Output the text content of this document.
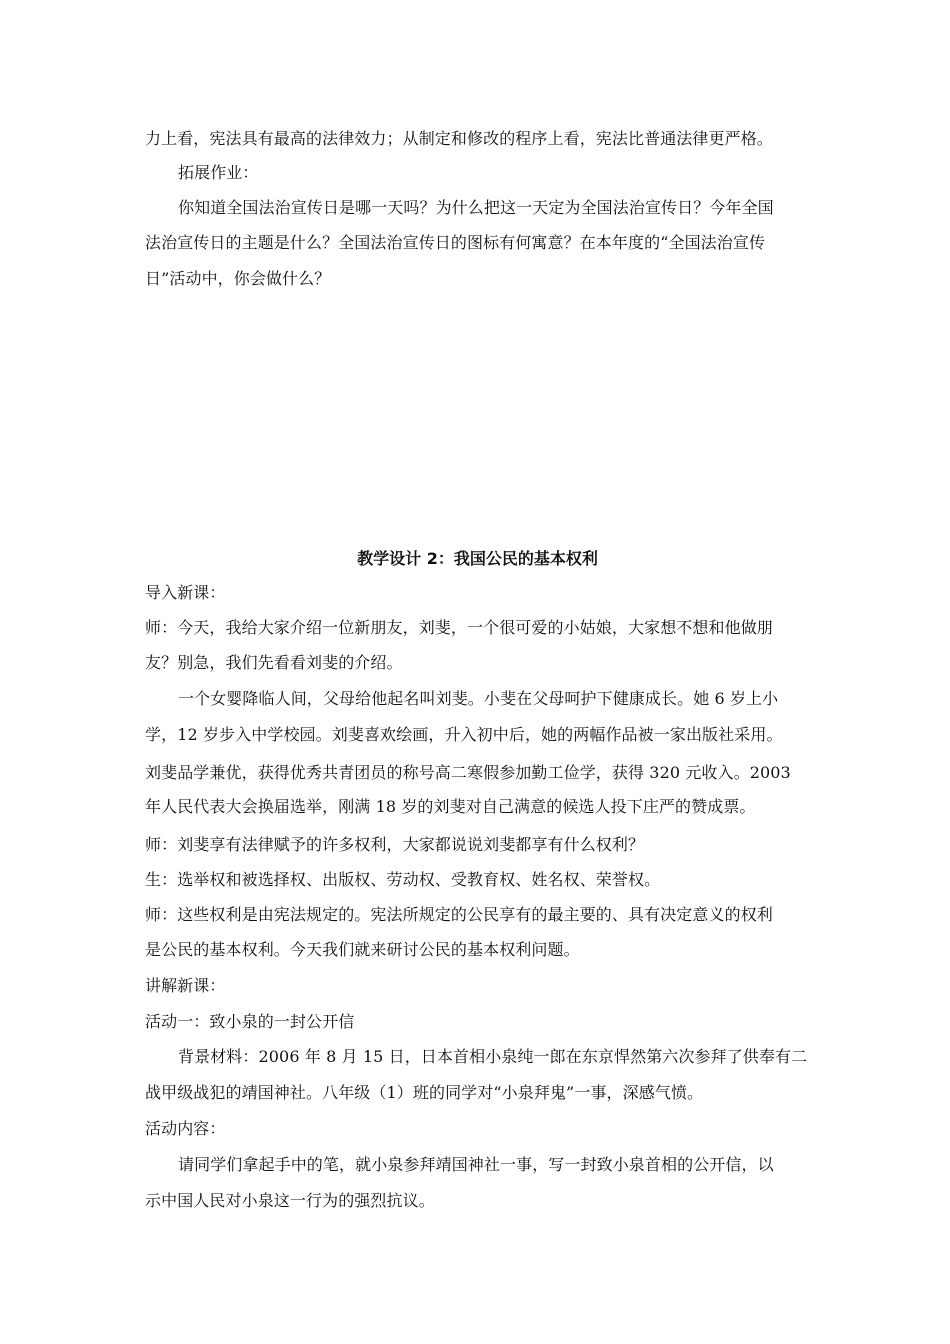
力上看，宪法具有最高的法律效力；从制定和修改的程序上看，宪法比普通法律更严格。
拓展作业：
你知道全国法治宣传日是哪一天吗？为什么把这一天定为全国法治宣传日？今年全国
法治宣传日的主题是什么？全国法治宣传日的图标有何寓意？在本年度的“全国法治宣传
日”活动中，你会做什么？
教学设计 2：我国公民的基本权利
导入新课：
师：今天，我给大家介绍一位新朋友，刘斐，一个很可爱的小姑娘，大家想不想和他做朋
友？别急，我们先看看刘斐的介绍。
一个女婴降临人间，父母给他起名叫刘斐。小斐在父母呵护下健康成长。她 6 岁上小
学，12 岁步入中学校园。刘斐喜欢绘画，升入初中后，她的两幅作品被一家出版社采用。
刘斐品学兼优，获得优秀共青团员的称号高二寒假参加勤工俭学，获得 320 元收入。2003
年人民代表大会换届选举，刚满 18 岁的刘斐对自己满意的候选人投下庄严的赞成票。
师：刘斐享有法律赋予的许多权利，大家都说说刘斐都享有什么权利？
生：选举权和被选择权、出版权、劳动权、受教育权、姓名权、荣誉权。
师：这些权利是由宪法规定的。宪法所规定的公民享有的最主要的、具有决定意义的权利
是公民的基本权利。今天我们就来研讨公民的基本权利问题。
讲解新课：
活动一：致小泉的一封公开信
背景材料：2006 年 8 月 15 日，日本首相小泉纯一郎在东京悍然第六次参拜了供奉有二
战甲级战犯的靖国神社。八年级（1）班的同学对“小泉拜鬼”一事，深感气愤。
活动内容：
请同学们拿起手中的笔，就小泉参拜靖国神社一事，写一封致小泉首相的公开信，以
示中国人民对小泉这一行为的强烈抗议。
